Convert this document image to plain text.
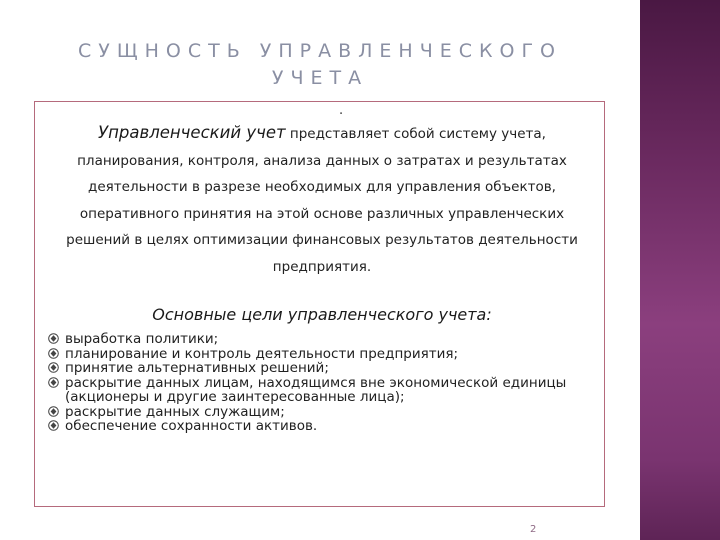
СУЩНОСТЬ УПРАВЛЕНЧЕСКОГО
УЧЕТА
.
Управленческий учет представляет собой систему учета,
планирования, контроля, анализа данных о затратах и результатах
деятельности в разрезе необходимых для управления объектов,
оперативного принятия на этой основе различных управленческих
решений в целях оптимизации финансовых результатов деятельности
предприятия.
Основные цели управленческого учета:
выработка политики;
планирование и контроль деятельности предприятия;
принятие альтернативных решений;
раскрытие данных лицам, находящимся вне экономической единицы (акционеры и другие заинтересованные лица);
раскрытие данных служащим;
обеспечение сохранности активов.
2
